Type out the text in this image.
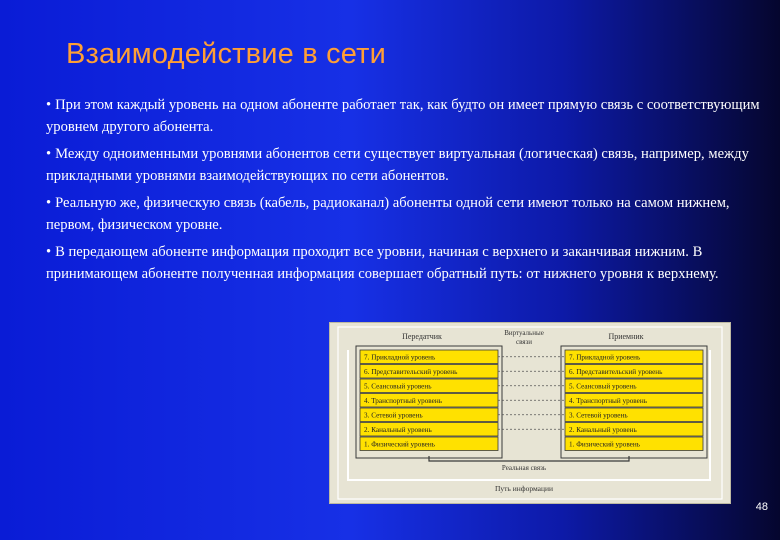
Взаимодействие в сети

• При этом каждый уровень на одном абоненте работает так, как будто он имеет прямую связь с соответствующим уровнем другого абонента.

• Между одноименными уровнями абонентов сети существует виртуальная (логическая) связь, например, между прикладными уровнями взаимодействующих по сети абонентов.

• Реальную же, физическую связь (кабель, радиоканал) абоненты одной сети имеют только на самом нижнем, первом, физическом уровне.

• В передающем абоненте информация проходит все уровни, начиная с верхнего и заканчивая нижним. В принимающем абоненте полученная информация совершает обратный путь: от нижнего уровня к верхнему.

Передатчик	Приемник
Виртуальные
связи
7. Прикладной уровень
6. Представительский уровень
5. Сеансовый уровень
4. Транспортный уровень
3. Сетевой уровень
2. Канальный уровень
1. Физический уровень
7. Прикладной уровень
6. Представительский уровень
5. Сеансовый уровень
4. Транспортный уровень
3. Сетевой уровень
2. Канальный уровень
1. Физический уровень
Реальная связь
Путь информации
48
